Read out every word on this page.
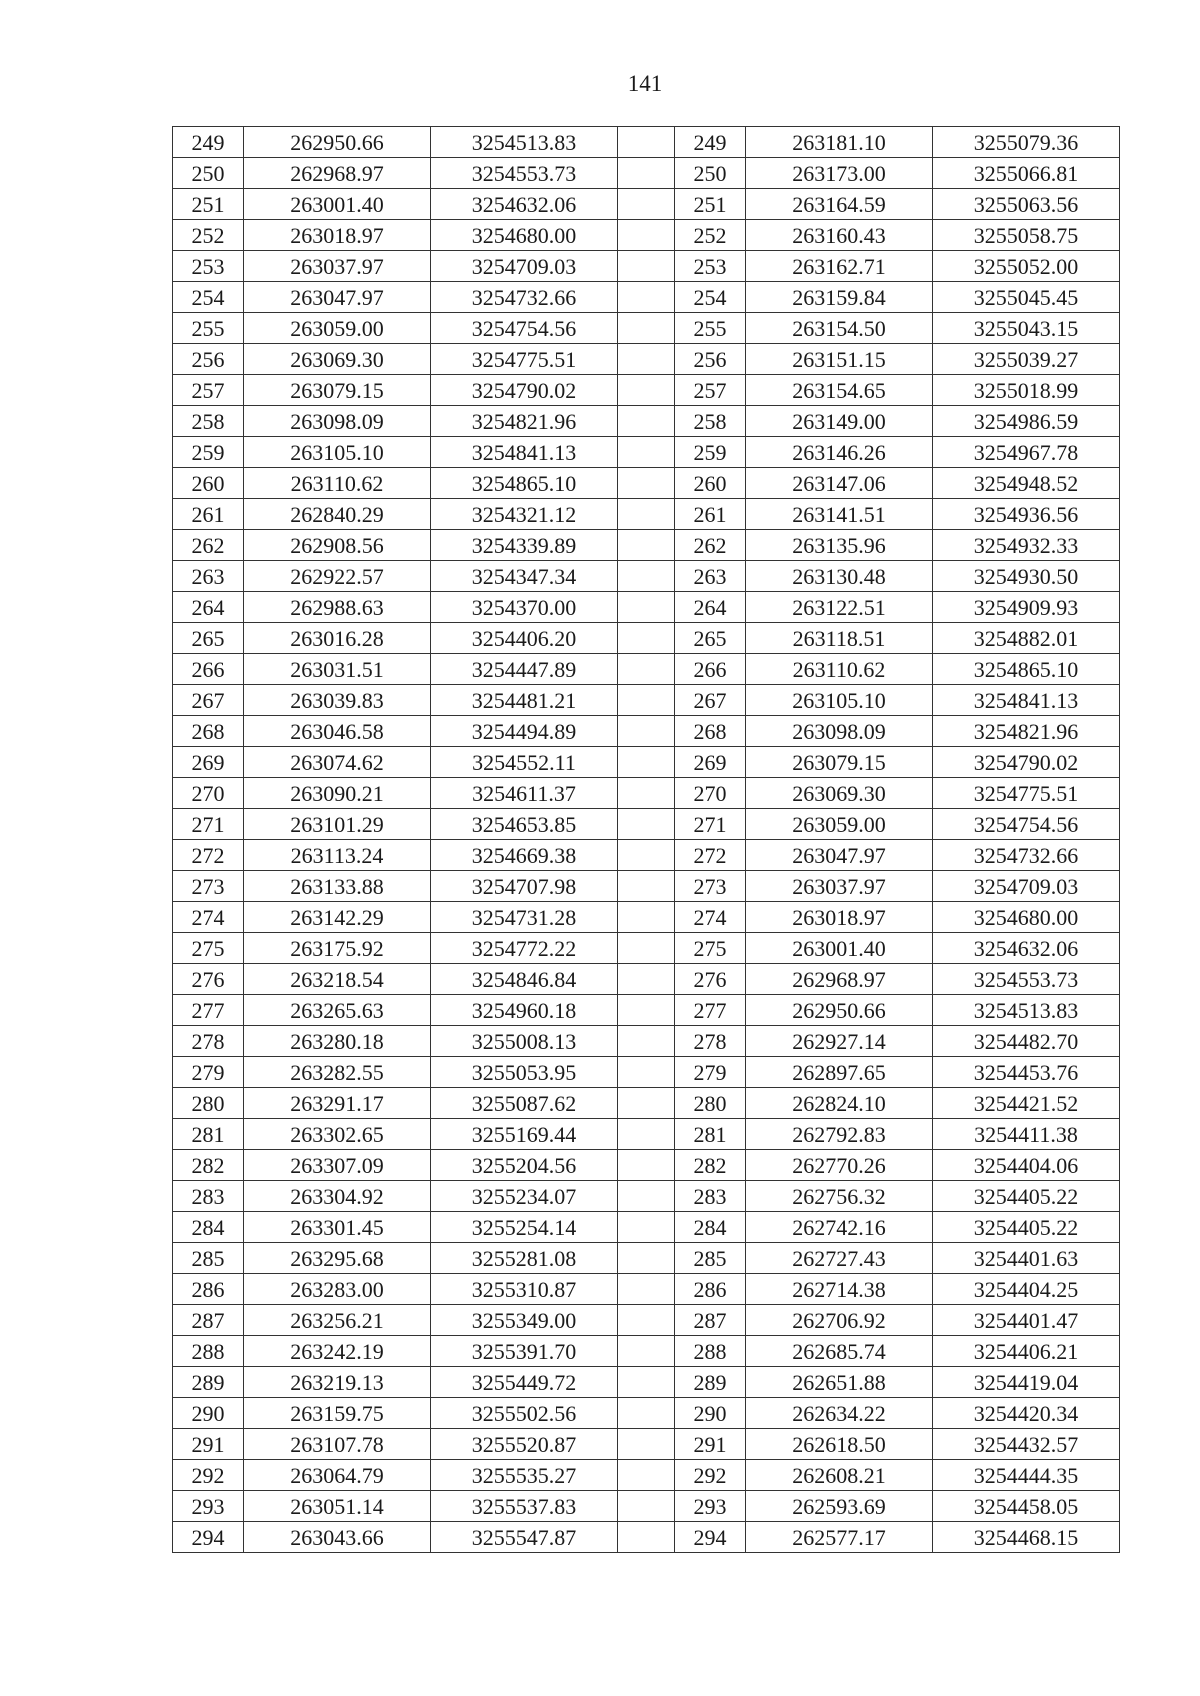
141
249	262950.66	3254513.83		249	263181.10	3255079.36
250	262968.97	3254553.73		250	263173.00	3255066.81
251	263001.40	3254632.06		251	263164.59	3255063.56
252	263018.97	3254680.00		252	263160.43	3255058.75
253	263037.97	3254709.03		253	263162.71	3255052.00
254	263047.97	3254732.66		254	263159.84	3255045.45
255	263059.00	3254754.56		255	263154.50	3255043.15
256	263069.30	3254775.51		256	263151.15	3255039.27
257	263079.15	3254790.02		257	263154.65	3255018.99
258	263098.09	3254821.96		258	263149.00	3254986.59
259	263105.10	3254841.13		259	263146.26	3254967.78
260	263110.62	3254865.10		260	263147.06	3254948.52
261	262840.29	3254321.12		261	263141.51	3254936.56
262	262908.56	3254339.89		262	263135.96	3254932.33
263	262922.57	3254347.34		263	263130.48	3254930.50
264	262988.63	3254370.00		264	263122.51	3254909.93
265	263016.28	3254406.20		265	263118.51	3254882.01
266	263031.51	3254447.89		266	263110.62	3254865.10
267	263039.83	3254481.21		267	263105.10	3254841.13
268	263046.58	3254494.89		268	263098.09	3254821.96
269	263074.62	3254552.11		269	263079.15	3254790.02
270	263090.21	3254611.37		270	263069.30	3254775.51
271	263101.29	3254653.85		271	263059.00	3254754.56
272	263113.24	3254669.38		272	263047.97	3254732.66
273	263133.88	3254707.98		273	263037.97	3254709.03
274	263142.29	3254731.28		274	263018.97	3254680.00
275	263175.92	3254772.22		275	263001.40	3254632.06
276	263218.54	3254846.84		276	262968.97	3254553.73
277	263265.63	3254960.18		277	262950.66	3254513.83
278	263280.18	3255008.13		278	262927.14	3254482.70
279	263282.55	3255053.95		279	262897.65	3254453.76
280	263291.17	3255087.62		280	262824.10	3254421.52
281	263302.65	3255169.44		281	262792.83	3254411.38
282	263307.09	3255204.56		282	262770.26	3254404.06
283	263304.92	3255234.07		283	262756.32	3254405.22
284	263301.45	3255254.14		284	262742.16	3254405.22
285	263295.68	3255281.08		285	262727.43	3254401.63
286	263283.00	3255310.87		286	262714.38	3254404.25
287	263256.21	3255349.00		287	262706.92	3254401.47
288	263242.19	3255391.70		288	262685.74	3254406.21
289	263219.13	3255449.72		289	262651.88	3254419.04
290	263159.75	3255502.56		290	262634.22	3254420.34
291	263107.78	3255520.87		291	262618.50	3254432.57
292	263064.79	3255535.27		292	262608.21	3254444.35
293	263051.14	3255537.83		293	262593.69	3254458.05
294	263043.66	3255547.87		294	262577.17	3254468.15
